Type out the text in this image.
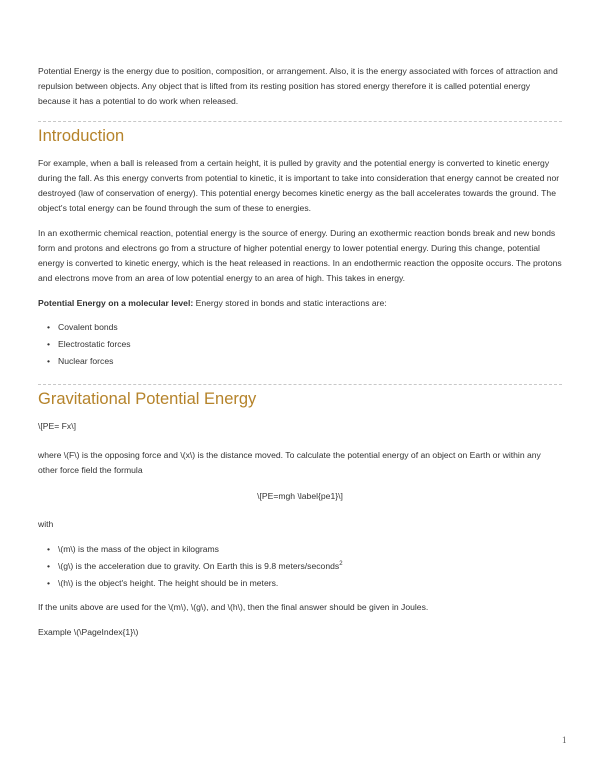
Potential Energy is the energy due to position, composition, or arrangement. Also, it is the energy associated with forces of attraction and repulsion between objects. Any object that is lifted from its resting position has stored energy therefore it is called potential energy because it has a potential to do work when released.

Introduction

For example, when a ball is released from a certain height, it is pulled by gravity and the potential energy is converted to kinetic energy during the fall. As this energy converts from potential to kinetic, it is important to take into consideration that energy cannot be created nor destroyed (law of conservation of energy). This potential energy becomes kinetic energy as the ball accelerates towards the ground. The object's total energy can be found through the sum of these to energies.

In an exothermic chemical reaction, potential energy is the source of energy. During an exothermic reaction bonds break and new bonds form and protons and electrons go from a structure of higher potential energy to lower potential energy. During this change, potential energy is converted to kinetic energy, which is the heat released in reactions. In an endothermic reaction the opposite occurs. The protons and electrons move from an area of low potential energy to an area of high. This takes in energy.

Potential Energy on a molecular level: Energy stored in bonds and static interactions are:

• Covalent bonds
• Electrostatic forces
• Nuclear forces
Gravitational Potential Energy

\[PE= Fx\]

where \(F\) is the opposing force and \(x\) is the distance moved. To calculate the potential energy of an object on Earth or within any other force field the formula

\[PE=mgh \label{pe1}\]

with

• \(m\) is the mass of the object in kilograms
• \(g\) is the acceleration due to gravity. On Earth this is 9.8 meters/seconds$^2$
• \(h\) is the object's height. The height should be in meters.

If the units above are used for the \(m\), \(g\), and \(h\), then the final answer should be given in Joules.

Example \(\PageIndex{1}\)

1
